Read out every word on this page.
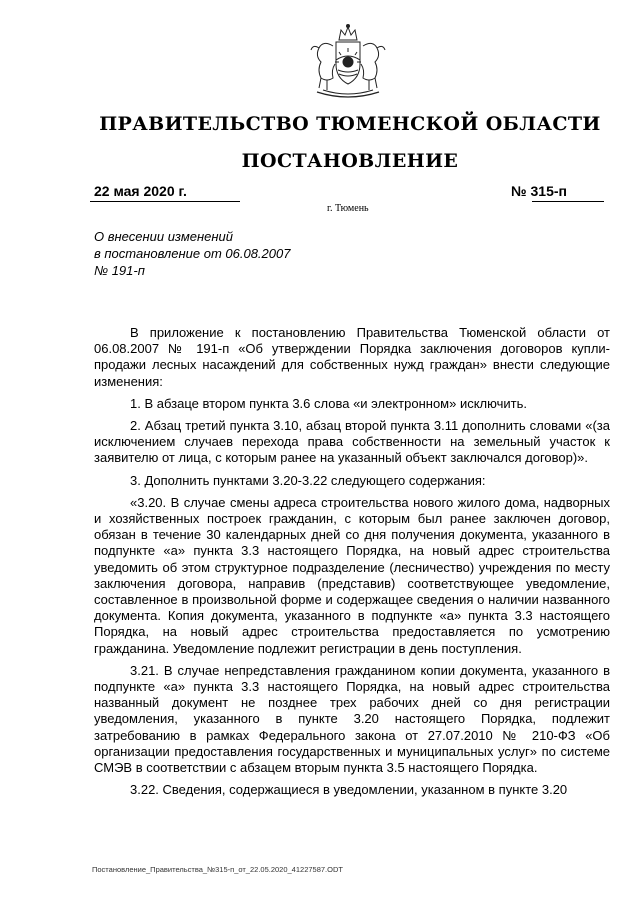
ПРАВИТЕЛЬСТВО ТЮМЕНСКОЙ ОБЛАСТИ
ПОСТАНОВЛЕНИЕ
22 мая 2020 г.	№ 315-п
г. Тюмень
О внесении изменений
в постановление от 06.08.2007
№ 191-п

В приложение к постановлению Правительства Тюменской области от 06.08.2007 № 191-п «Об утверждении Порядка заключения договоров купли-продажи лесных насаждений для собственных нужд граждан» внести следующие изменения:

1. В абзаце втором пункта 3.6 слова «и электронном» исключить.

2. Абзац третий пункта 3.10, абзац второй пункта 3.11 дополнить словами «(за исключением случаев перехода права собственности на земельный участок к заявителю от лица, с которым ранее на указанный объект заключался договор)».

3. Дополнить пунктами 3.20-3.22 следующего содержания:

«3.20. В случае смены адреса строительства нового жилого дома, надворных и хозяйственных построек гражданин, с которым был ранее заключен договор, обязан в течение 30 календарных дней со дня получения документа, указанного в подпункте «а» пункта 3.3 настоящего Порядка, на новый адрес строительства уведомить об этом структурное подразделение (лесничество) учреждения по месту заключения договора, направив (представив) соответствующее уведомление, составленное в произвольной форме и содержащее сведения о наличии названного документа. Копия документа, указанного в подпункте «а» пункта 3.3 настоящего Порядка, на новый адрес строительства предоставляется по усмотрению гражданина. Уведомление подлежит регистрации в день поступления.

3.21. В случае непредставления гражданином копии документа, указанного в подпункте «а» пункта 3.3 настоящего Порядка, на новый адрес строительства названный документ не позднее трех рабочих дней со дня регистрации уведомления, указанного в пункте 3.20 настоящего Порядка, подлежит затребованию в рамках Федерального закона от 27.07.2010 № 210-ФЗ «Об организации предоставления государственных и муниципальных услуг» по системе СМЭВ в соответствии с абзацем вторым пункта 3.5 настоящего Порядка.

3.22. Сведения, содержащиеся в уведомлении, указанном в пункте 3.20

Постановление_Правительства_№315-п_от_22.05.2020_41227587.ODT
